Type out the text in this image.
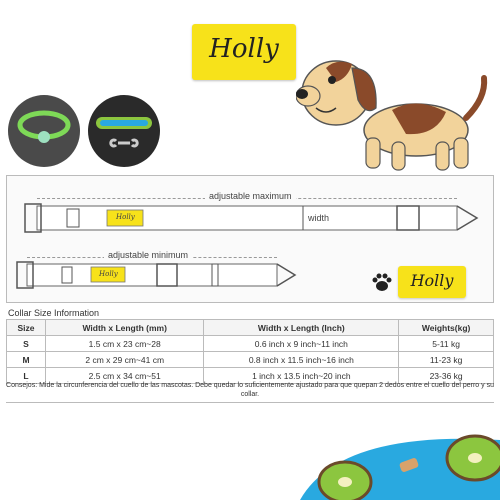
Holly
adjustable maximum
width
adjustable minimum
Holly
Holly	Holly
Collar Size Information
Size	Width x Length (mm)	Width x Length (Inch)	Weights(kg)
S	1.5 cm x 23 cm~28	0.6 inch x 9 inch~11 inch	5-11 kg
M	2 cm x 29 cm~41 cm	0.8 inch x 11.5 inch~16 inch	11-23 kg
L	2.5 cm x 34 cm~51	1 inch x 13.5 inch~20 inch	23-36 kg
Consejos: Mide la circunferencia del cuello de las mascotas. Debe quedar lo suficientemente ajustado para que quepan 2 dedos entre el cuello del perro y su collar.
